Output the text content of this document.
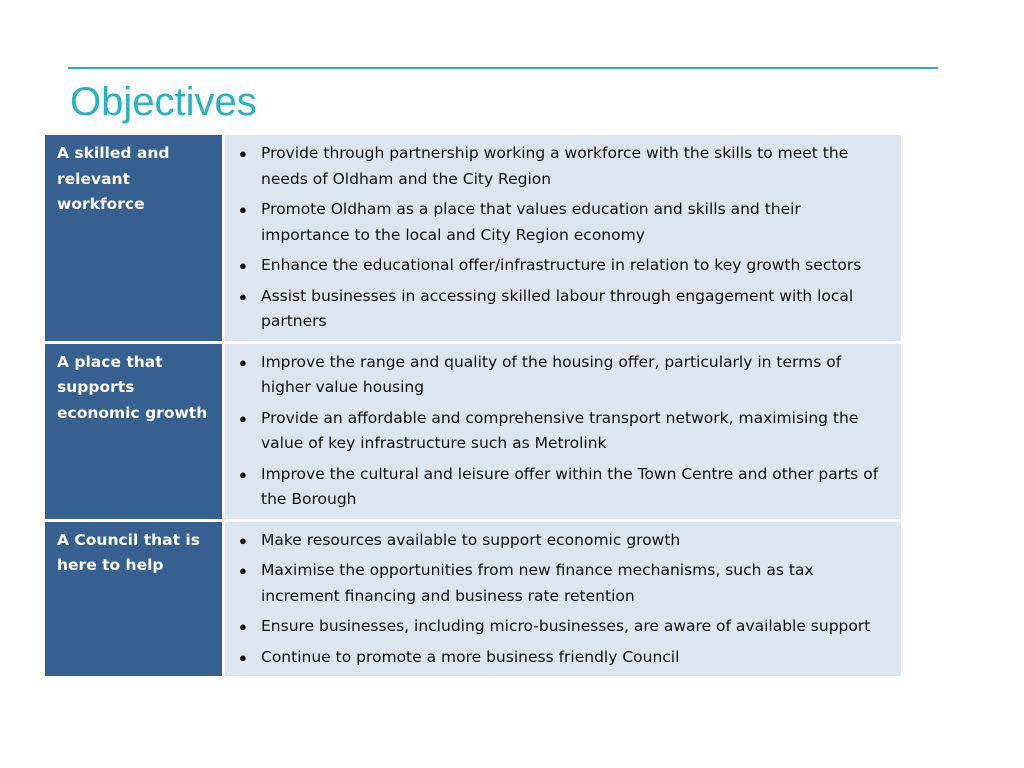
Objectives
A skilled and relevant workforce
● Provide through partnership working a workforce with the skills to meet the needs of Oldham and the City Region
● Promote Oldham as a place that values education and skills and their importance to the local and City Region economy
● Enhance the educational offer/infrastructure in relation to key growth sectors
● Assist businesses in accessing skilled labour through engagement with local partners
A place that supports economic growth
● Improve the range and quality of the housing offer, particularly in terms of higher value housing
● Provide an affordable and comprehensive transport network, maximising the value of key infrastructure such as Metrolink
● Improve the cultural and leisure offer within the Town Centre and other parts of the Borough
A Council that is here to help
● Make resources available to support economic growth
● Maximise the opportunities from new finance mechanisms, such as tax increment financing and business rate retention
● Ensure businesses, including micro-businesses, are aware of available support
● Continue to promote a more business friendly Council
